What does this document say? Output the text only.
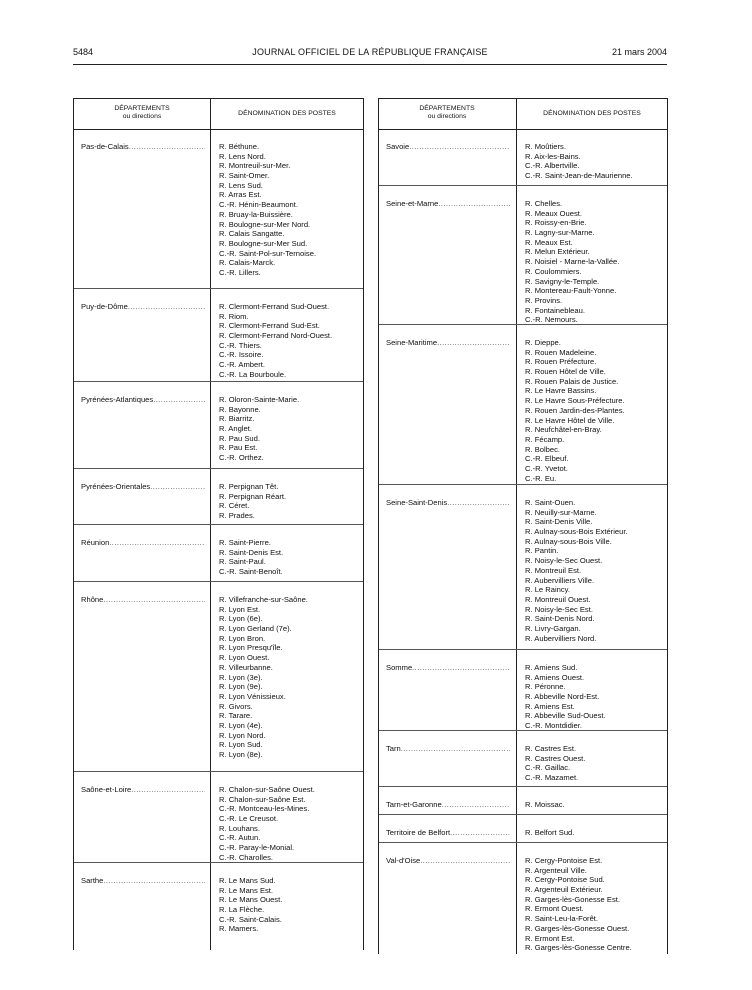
5484	JOURNAL OFFICIEL DE LA RÉPUBLIQUE FRANÇAISE	21 mars 2004
DÉPARTEMENTS
ou directions	DÉNOMINATION DES POSTES
Pas-de-Calais .....	R. Béthune.
R. Lens Nord.
R. Montreuil-sur-Mer.
R. Saint-Omer.
R. Lens Sud.
R. Arras Est.
C.-R. Hénin-Beaumont.
R. Bruay-la-Buissière.
R. Boulogne-sur-Mer Nord.
R. Calais Sangatte.
R. Boulogne-sur-Mer Sud.
C.-R. Saint-Pol-sur-Ternoise.
R. Calais-Marck.
C.-R. Lillers.
Puy-de-Dôme .....	R. Clermont-Ferrand Sud-Ouest.
R. Riom.
R. Clermont-Ferrand Sud-Est.
R. Clermont-Ferrand Nord-Ouest.
C.-R. Thiers.
C.-R. Issoire.
C.-R. Ambert.
C.-R. La Bourboule.
Pyrénées-Atlantiques .....	R. Oloron-Sainte-Marie.
R. Bayonne.
R. Biarritz.
R. Anglet.
R. Pau Sud.
R. Pau Est.
C.-R. Orthez.
Pyrénées-Orientales .....	R. Perpignan Têt.
R. Perpignan Réart.
R. Céret.
R. Prades.
Réunion .....	R. Saint-Pierre.
R. Saint-Denis Est.
R. Saint-Paul.
C.-R. Saint-Benoît.
Rhône .....	R. Villefranche-sur-Saône.
R. Lyon Est.
R. Lyon (6e).
R. Lyon Gerland (7e).
R. Lyon Bron.
R. Lyon Presqu'île.
R. Lyon Ouest.
R. Villeurbanne.
R. Lyon (3e).
R. Lyon (9e).
R. Lyon Vénissieux.
R. Givors.
R. Tarare.
R. Lyon (4e).
R. Lyon Nord.
R. Lyon Sud.
R. Lyon (8e).
Saône-et-Loire .....	R. Chalon-sur-Saône Ouest.
R. Chalon-sur-Saône Est.
C.-R. Montceau-les-Mines.
C.-R. Le Creusot.
R. Louhans.
C.-R. Autun.
C.-R. Paray-le-Monial.
C.-R. Charolles.
Sarthe .....	R. Le Mans Sud.
R. Le Mans Est.
R. Le Mans Ouest.
R. La Flèche.
C.-R. Saint-Calais.
R. Mamers.
DÉPARTEMENTS
ou directions	DÉNOMINATION DES POSTES
Savoie .....	R. Moûtiers.
R. Aix-les-Bains.
C.-R. Albertville.
C.-R. Saint-Jean-de-Maurienne.
Seine-et-Marne .....	R. Chelles.
R. Meaux Ouest.
R. Roissy-en-Brie.
R. Lagny-sur-Marne.
R. Meaux Est.
R. Melun Extérieur.
R. Noisiel - Marne-la-Vallée.
R. Coulommiers.
R. Savigny-le-Temple.
R. Montereau-Fault-Yonne.
R. Provins.
R. Fontainebleau.
C.-R. Nemours.
Seine-Maritime .....	R. Dieppe.
R. Rouen Madeleine.
R. Rouen Préfecture.
R. Rouen Hôtel de Ville.
R. Rouen Palais de Justice.
R. Le Havre Bassins.
R. Le Havre Sous-Préfecture.
R. Rouen Jardin-des-Plantes.
R. Le Havre Hôtel de Ville.
R. Neufchâtel-en-Bray.
R. Fécamp.
R. Bolbec.
C.-R. Elbeuf.
C.-R. Yvetot.
C.-R. Eu.
Seine-Saint-Denis .....	R. Saint-Ouen.
R. Neuilly-sur-Marne.
R. Saint-Denis Ville.
R. Aulnay-sous-Bois Extérieur.
R. Aulnay-sous-Bois Ville.
R. Pantin.
R. Noisy-le-Sec Ouest.
R. Montreuil Est.
R. Aubervilliers Ville.
R. Le Raincy.
R. Montreuil Ouest.
R. Noisy-le-Sec Est.
R. Saint-Denis Nord.
R. Livry-Gargan.
R. Aubervilliers Nord.
Somme .....	R. Amiens Sud.
R. Amiens Ouest.
R. Péronne.
R. Abbeville Nord-Est.
R. Amiens Est.
R. Abbeville Sud-Ouest.
C.-R. Montdidier.
Tarn .....	R. Castres Est.
R. Castres Ouest.
C.-R. Gaillac.
C.-R. Mazamet.
Tarn-et-Garonne .....	R. Moissac.
Territoire de Belfort .....	R. Belfort Sud.
Val-d'Oise .....	R. Cergy-Pontoise Est.
R. Argenteuil Ville.
R. Cergy-Pontoise Sud.
R. Argenteuil Extérieur.
R. Garges-lès-Gonesse Est.
R. Ermont Ouest.
R. Saint-Leu-la-Forêt.
R. Garges-lès-Gonesse Ouest.
R. Ermont Est.
R. Garges-lès-Gonesse Centre.
